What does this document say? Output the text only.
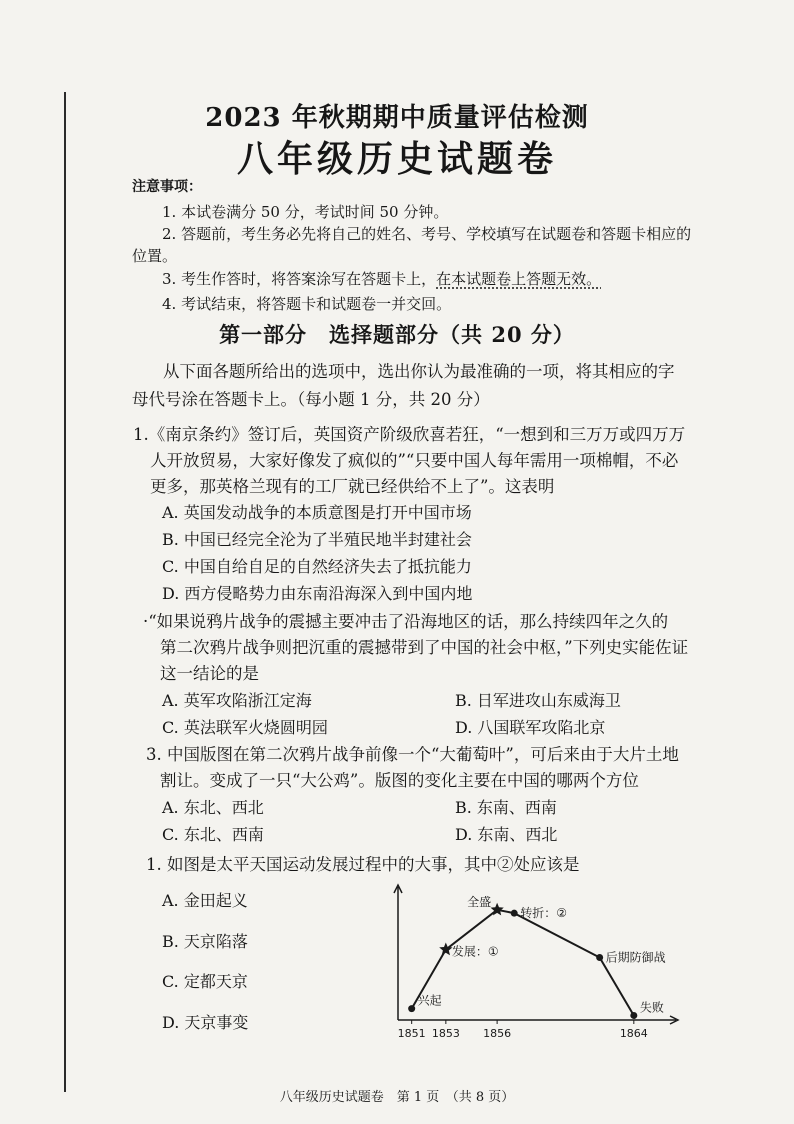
2023 年秋期期中质量评估检测
八年级历史试题卷
注意事项：
1. 本试卷满分 50 分，考试时间 50 分钟。
2. 答题前，考生务必先将自己的姓名、考号、学校填写在试题卷和答题卡相应的
位置。
3. 考生作答时，将答案涂写在答题卡上，在本试题卷上答题无效。
4. 考试结束，将答题卡和试题卷一并交回。
第一部分　选择题部分（共 20 分）
从下面各题所给出的选项中，选出你认为最准确的一项，将其相应的字
母代号涂在答题卡上。（每小题 1 分，共 20 分）
1.《南京条约》签订后，英国资产阶级欣喜若狂，“一想到和三万万或四万万
人开放贸易，大家好像发了疯似的”“只要中国人每年需用一项棉帽，不必
更多，那英格兰现有的工厂就已经供给不上了”。这表明
A. 英国发动战争的本质意图是打开中国市场
B. 中国已经完全沦为了半殖民地半封建社会
C. 中国自给自足的自然经济失去了抵抗能力
D. 西方侵略势力由东南沿海深入到中国内地
·“如果说鸦片战争的震撼主要冲击了沿海地区的话，那么持续四年之久的
第二次鸦片战争则把沉重的震撼带到了中国的社会中枢，”下列史实能佐证
这一结论的是
A. 英军攻陷浙江定海	B. 日军进攻山东威海卫
C. 英法联军火烧圆明园	D. 八国联军攻陷北京
3. 中国版图在第二次鸦片战争前像一个“大葡萄叶”，可后来由于大片土地
割让。变成了一只“大公鸡”。版图的变化主要在中国的哪两个方位
A. 东北、西北	B. 东南、西南
C. 东北、西南	D. 东南、西北
1. 如图是太平天国运动发展过程中的大事，其中②处应该是
A. 金田起义
B. 天京陷落
C. 定都天京
D. 天京事变
兴起
发展：①
全盛
转折：②
后期防御战
失败
1851 1853 1856	1864
八年级历史试题卷　第 1 页　（共 8 页）
